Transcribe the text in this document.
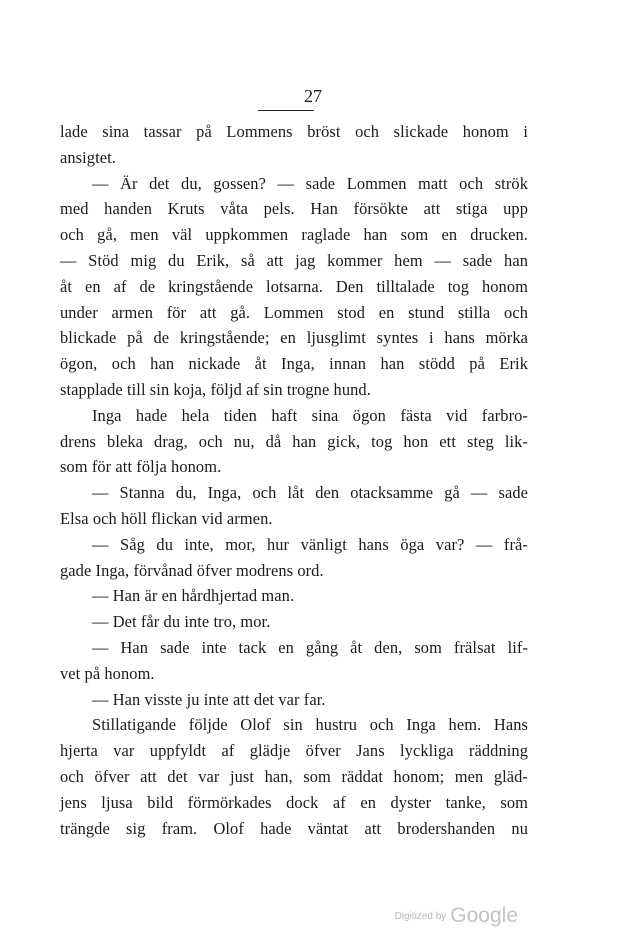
27
lade sina tassar på Lommens bröst och slickade honom i
ansigtet.
— Är det du, gossen? — sade Lommen matt och strök
med handen Kruts våta pels. Han försökte att stiga upp
och gå, men väl uppkommen raglade han som en drucken.
— Stöd mig du Erik, så att jag kommer hem — sade han
åt en af de kringstående lotsarna. Den tilltalade tog honom
under armen för att gå. Lommen stod en stund stilla och
blickade på de kringstående; en ljusglimt syntes i hans mörka
ögon, och han nickade åt Inga, innan han stödd på Erik
stapplade till sin koja, följd af sin trogne hund.
Inga hade hela tiden haft sina ögon fästa vid farbro-
drens bleka drag, och nu, då han gick, tog hon ett steg lik-
som för att följa honom.
— Stanna du, Inga, och låt den otacksamme gå — sade
Elsa och höll flickan vid armen.
— Såg du inte, mor, hur vänligt hans öga var? — frå-
gade Inga, förvånad öfver modrens ord.
— Han är en hårdhjertad man.
— Det får du inte tro, mor.
— Han sade inte tack en gång åt den, som frälsat lif-
vet på honom.
— Han visste ju inte att det var far.
Stillatigande följde Olof sin hustru och Inga hem. Hans
hjerta var uppfyldt af glädje öfver Jans lyckliga räddning
och öfver att det var just han, som räddat honom; men gläd-
jens ljusa bild förmörkades dock af en dyster tanke, som
trängde sig fram. Olof hade väntat att brodershanden nu
Digitized by Google
